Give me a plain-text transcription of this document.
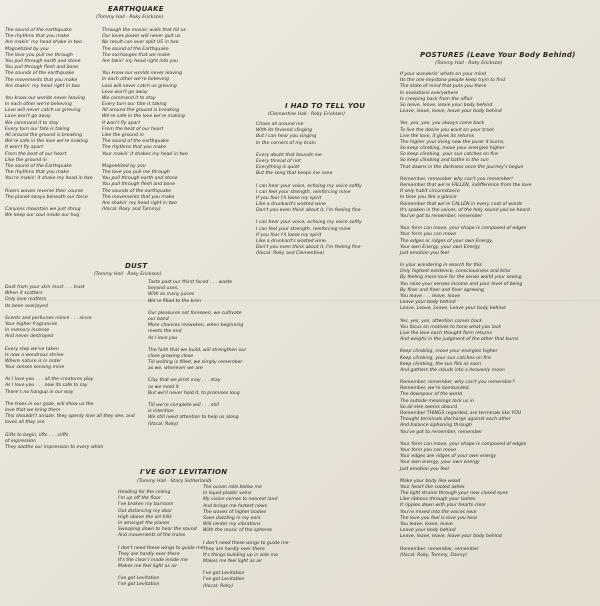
EARTHQUAKE
(Tommy Hall - Roky Erickson)
The sound of the earthquake
The rhythms that you make
Are makin' my head shake in two
Magnetized by you
The love you pull me through
You pull through earth and stone
You pull through flesh and bone
The sounds of the earthquake
The movements that you make
Are shakin' my head right in two
You know our worlds never leaving
In each other we're believing
Love will never catch us grieving
Love won't go away
We command it to stay
Every turn our fate is taking
All around the ground is breaking
We're safe in the love we're making
It won't fly apart
From the beat of our heart
Like the ground in
The sound of the Earthquake
The rhythms that you make
You're makin' it shake my head in two
Rivers waves reverse their course
The planet sways beneath our force
Canyons mountain we just shrug
We keep our soul inside our hug
Through the mosaic walls that hit us
Our loves power will never quit us
No result can ever split US in two
The sound of the Earthquake
The exchanges that we make
Are takin' my head right into you
You know our worlds never leaving
In each other we're believing
Loss will never catch us grieving
Love won't go away
We command it to stay
Every turn our fate is taking
All around the ground is breaking
We're safe in the love we're making
It won't fly apart
From the beat of our heart
Like the ground in
The sound of the earthquake
The rhythms that you make
Your makin' it shakes my head in two
Magnetized by you
The love you pull me through
You pull through earth and stone
You pull through flesh and bone
The sounds of the earthquake
The movements that you make
Are shakin' my head right in two
(Vocal: Roky and Tammy)
DUST
(Tommy Hall - Roky Erickson)
Dust from your skin must . . . trust
When it scatters
Only love matters
Its been overjoyed
Scents and perfumes mince . . . since
Your higher fragrances
In memory incense
And never destroyed
Every step we've taken
Is now a wondrous shrine
Where nature is in order
Your senses sensing mine
As I love you . . . all the creatures play
As I love you . . . now its safe to say
There's no hangup in our way
The trees in our gaze, will show us the
love that we bring them
This shouldn't amaze, they openly love all they see, and
loves all they are
Gifts to begin, lifts . . . cliffs
of expression
They soothe our impression to every whim
Taste past our thirst faced . . . waste
beyond uses,
With so many juices
We're filled to the brim
Our pleasures not foreseen, we cultivate
our bond
More chances reawoken, when beginning
meets the end
As I love you
The faith that we build, will strengthen our
close growing close
Till waiting is filled, we simply remember
as we, wherever we are
Clay that we print may . . . stay
as we mold it
But we'll never hold it, to promises long
Till we're complete will . . . still
is intention
We still need attention to help us along
(Vocal: Roky)
I'VE GOT LEVITATION
(Tommy Hall - Stacy Sutherland)
Heading for the ceiling
I'm up off the floor
I've broken my barroom
Out distancing my door
High above the art hills
In amongst the planes
Swooping down to hear the sound
And movements of the trains
I don't need these wings to guide me
They are hardly ever there
It's the clear I made inside me
Makes me feel light as air
I've got Levitation
I've got Levitation
The ocean rolls below me
In liquid plastic veins
My vision comes to nearest land
And brings me fastest news
The waves of higher bodies
Soon dazzling in my ears
Will center my vibrations
With the music of the spheres
I don't need these wings to guide me
They are hardly ever there
It's things building up in side me
Makes me feel light as air
I've got Levitation
I've got Levitation
(Vocal: Roky)
I HAD TO TELL YOU
(Clementine Hall - Roky Erickson)
Chaos all around me
With its fevered clinging
But I can hear you singing
In the corners of my brain
Every doubt that bounds me
Every thread of riot
Everything is quiet
But the song that keeps me sane
I can hear your voice, echoing my voice softly
I can feel your strength, reinforcing mine
If you fear I'll loose my spirit
Like a drunkard's wasted wine
Don't you even think about it, I'm feeling fine
I can hear your voice, echoing my voice softly
I can feel your strength, reinforcing mine
If you fear I'll loose my spirit
Like a drunkard's wasted wine
Don't you even think about it, I'm feeling fine
(Vocal: Roky and Clementine)
POSTURES (Leave Your Body Behind)
(Tommy Hall - Roky Erickson)
If your wanderin' whats on your mind
Its the one keystone people keep tryin to find
The state of mind that puts you there
In evolutions everywhere
Is creeping back from the affair
So leave, leave, leave your body behind
Leave, leave, leave, leave your body behind
Yes, yes, yes, you always come back
To live the desire you want on your track
Live the love, it gives its returns
The higher your living now the purer it burns,
So keep climbing, move your energies higher
So keep climbing, your sun catches on fire
So keep climbing and bathe in the sun
That dawns in the darkness once the journey's begun
Remember, remember why can't you remember!
Remember that we're FALLEN, indifference from the love
It only habit circumstance
In time you like a glance
Remember that we're CALLEN in every coat of words
It's spoken in the voices, of the holy sound you've heard
You've got to remember, remember
Your form can move, your shape is composed of edges
Your form you can move
The edges or ridges of your own Energy,
Your own Energy, your own Energy
Just emotion you feel
In your wandering in search for this
Only highest existence, consciousness and bliss
By feeling more love for the sense world your seeing
You raise your senses income and your level of being
By finer and finer and finer agreeing
You leave . . . leave, leave
Leave your body behind
Leave, Leave, Leave, Leave your body behind
Yes, yes, yes, attention comes back
You focus on motives to hone what you lack
Live the love each thought form returns
And weighs in the judgment of the other that burns
Keep climbing, move your energies higher
Keep climbing, your sun catches on fire
Keep climbing, the sun fills as soon
And gathers the clouds into a heavenly moon
Remember, remember, why can't you remember?
Remember, we're bombarded,
The downpour of the world
The outside meanings lock us in
So all else seems absurd
Remember THINGS regarded, are terminals like YOU
Thought terminals discharge against each other
And balance siphoning through
You've got to remember, remember
Your form can move, your shape is composed of edges
Your form you can move
Your edges are ridges of your own energy
Your own energy, your own energy
Just emotion you feel
Make your body like wood
Your heart like cooled ashes
The light strains through your new closed eyes
Like ribbons through your lashes
It ripples down with your hearts clear
You're mixed into the voices near
The love you feel is love you hear
You leave, leave, leave
Leave your body behind
Leave, leave, leave, leave your body behind
Remember, remember, remember
(Vocal: Roky, Tommy, Danny)
